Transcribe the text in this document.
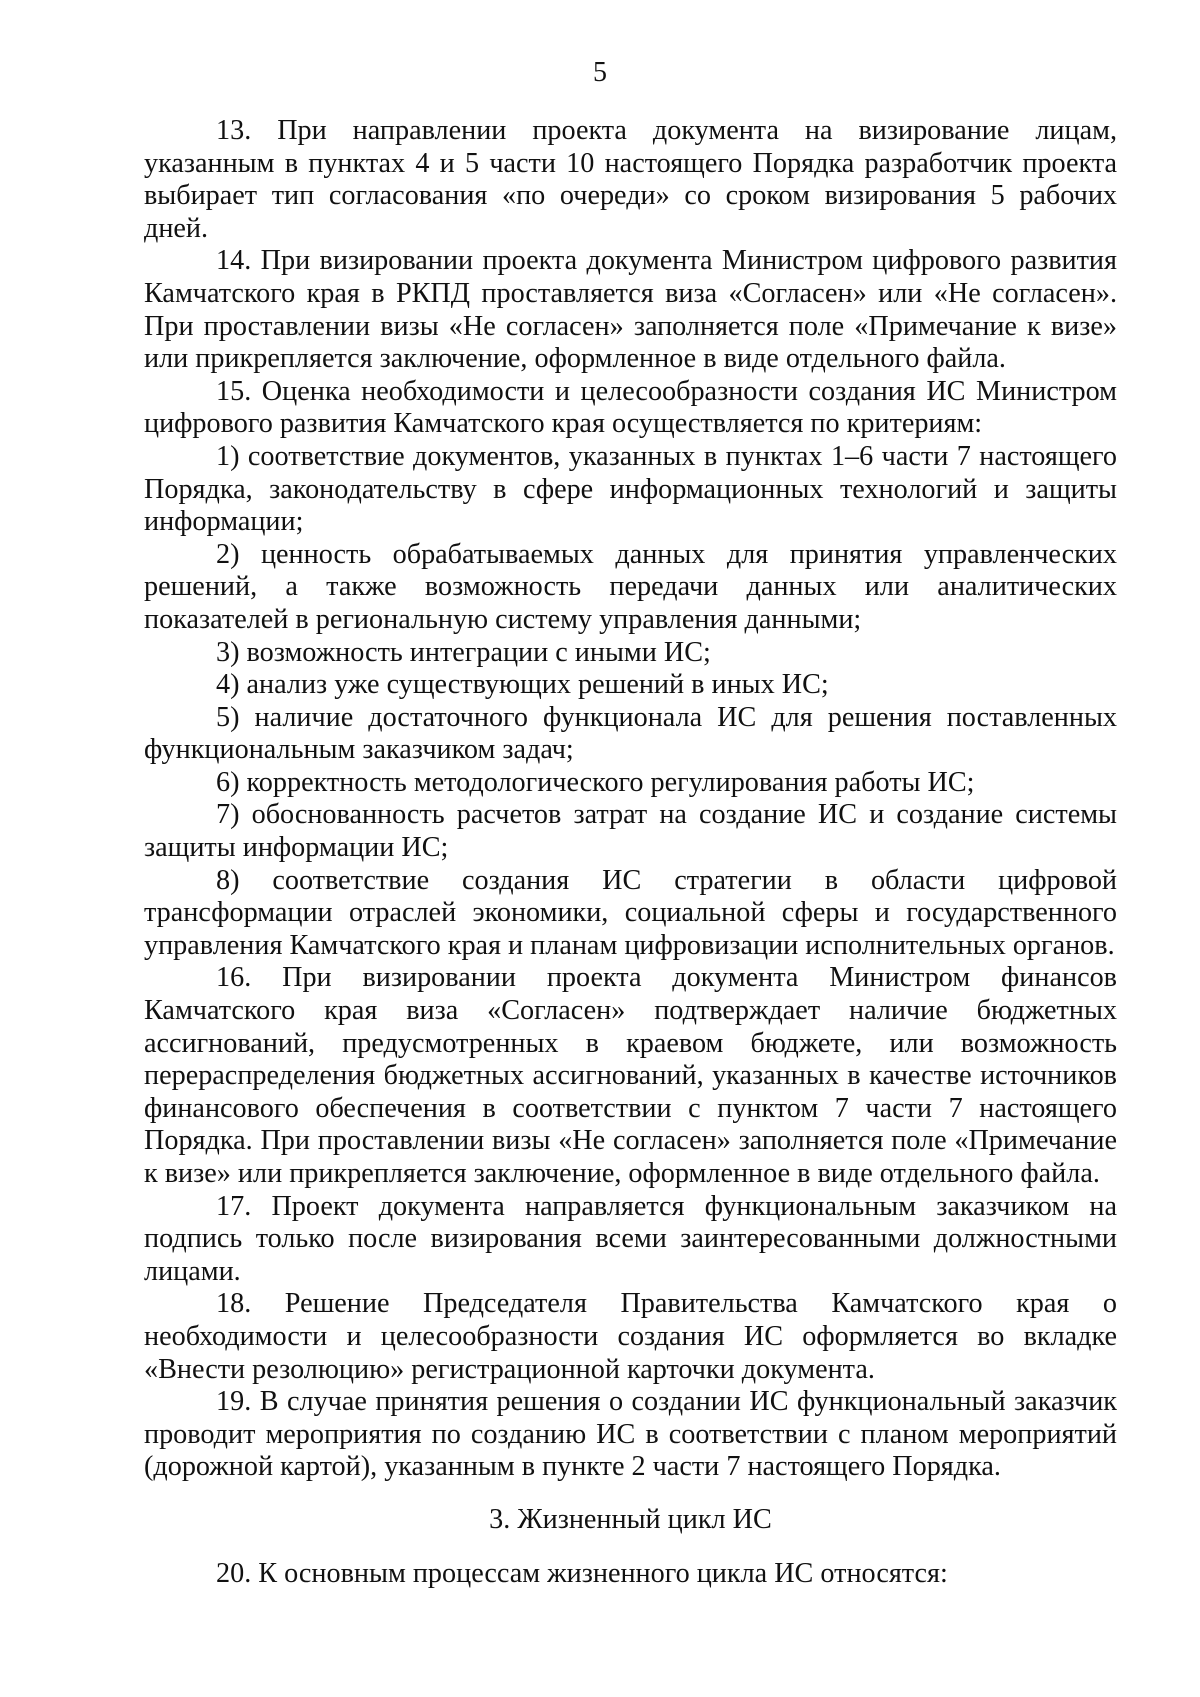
5

13. При направлении проекта документа на визирование лицам, указанным в пунктах 4 и 5 части 10 настоящего Порядка разработчик проекта выбирает тип согласования «по очереди» со сроком визирования 5 рабочих дней.

14. При визировании проекта документа Министром цифрового развития Камчатского края в РКПД проставляется виза «Согласен» или «Не согласен». При проставлении визы «Не согласен» заполняется поле «Примечание к визе» или прикрепляется заключение, оформленное в виде отдельного файла.

15. Оценка необходимости и целесообразности создания ИС Министром цифрового развития Камчатского края осуществляется по критериям:

1) соответствие документов, указанных в пунктах 1–6 части 7 настоящего Порядка, законодательству в сфере информационных технологий и защиты информации;

2) ценность обрабатываемых данных для принятия управленческих решений, а также возможность передачи данных или аналитических показателей в региональную систему управления данными;

3) возможность интеграции с иными ИС;

4) анализ уже существующих решений в иных ИС;

5) наличие достаточного функционала ИС для решения поставленных функциональным заказчиком задач;

6) корректность методологического регулирования работы ИС;

7) обоснованность расчетов затрат на создание ИС и создание системы защиты информации ИС;

8) соответствие создания ИС стратегии в области цифровой трансформации отраслей экономики, социальной сферы и государственного управления Камчатского края и планам цифровизации исполнительных органов.

16. При визировании проекта документа Министром финансов Камчатского края виза «Согласен» подтверждает наличие бюджетных ассигнований, предусмотренных в краевом бюджете, или возможность перераспределения бюджетных ассигнований, указанных в качестве источников финансового обеспечения в соответствии с пунктом 7 части 7 настоящего Порядка. При проставлении визы «Не согласен» заполняется поле «Примечание к визе» или прикрепляется заключение, оформленное в виде отдельного файла.

17. Проект документа направляется функциональным заказчиком на подпись только после визирования всеми заинтересованными должностными лицами.

18. Решение Председателя Правительства Камчатского края о необходимости и целесообразности создания ИС оформляется во вкладке «Внести резолюцию» регистрационной карточки документа.

19. В случае принятия решения о создании ИС функциональный заказчик проводит мероприятия по созданию ИС в соответствии с планом мероприятий (дорожной картой), указанным в пункте 2 части 7 настоящего Порядка.

3. Жизненный цикл ИС

20. К основным процессам жизненного цикла ИС относятся:
